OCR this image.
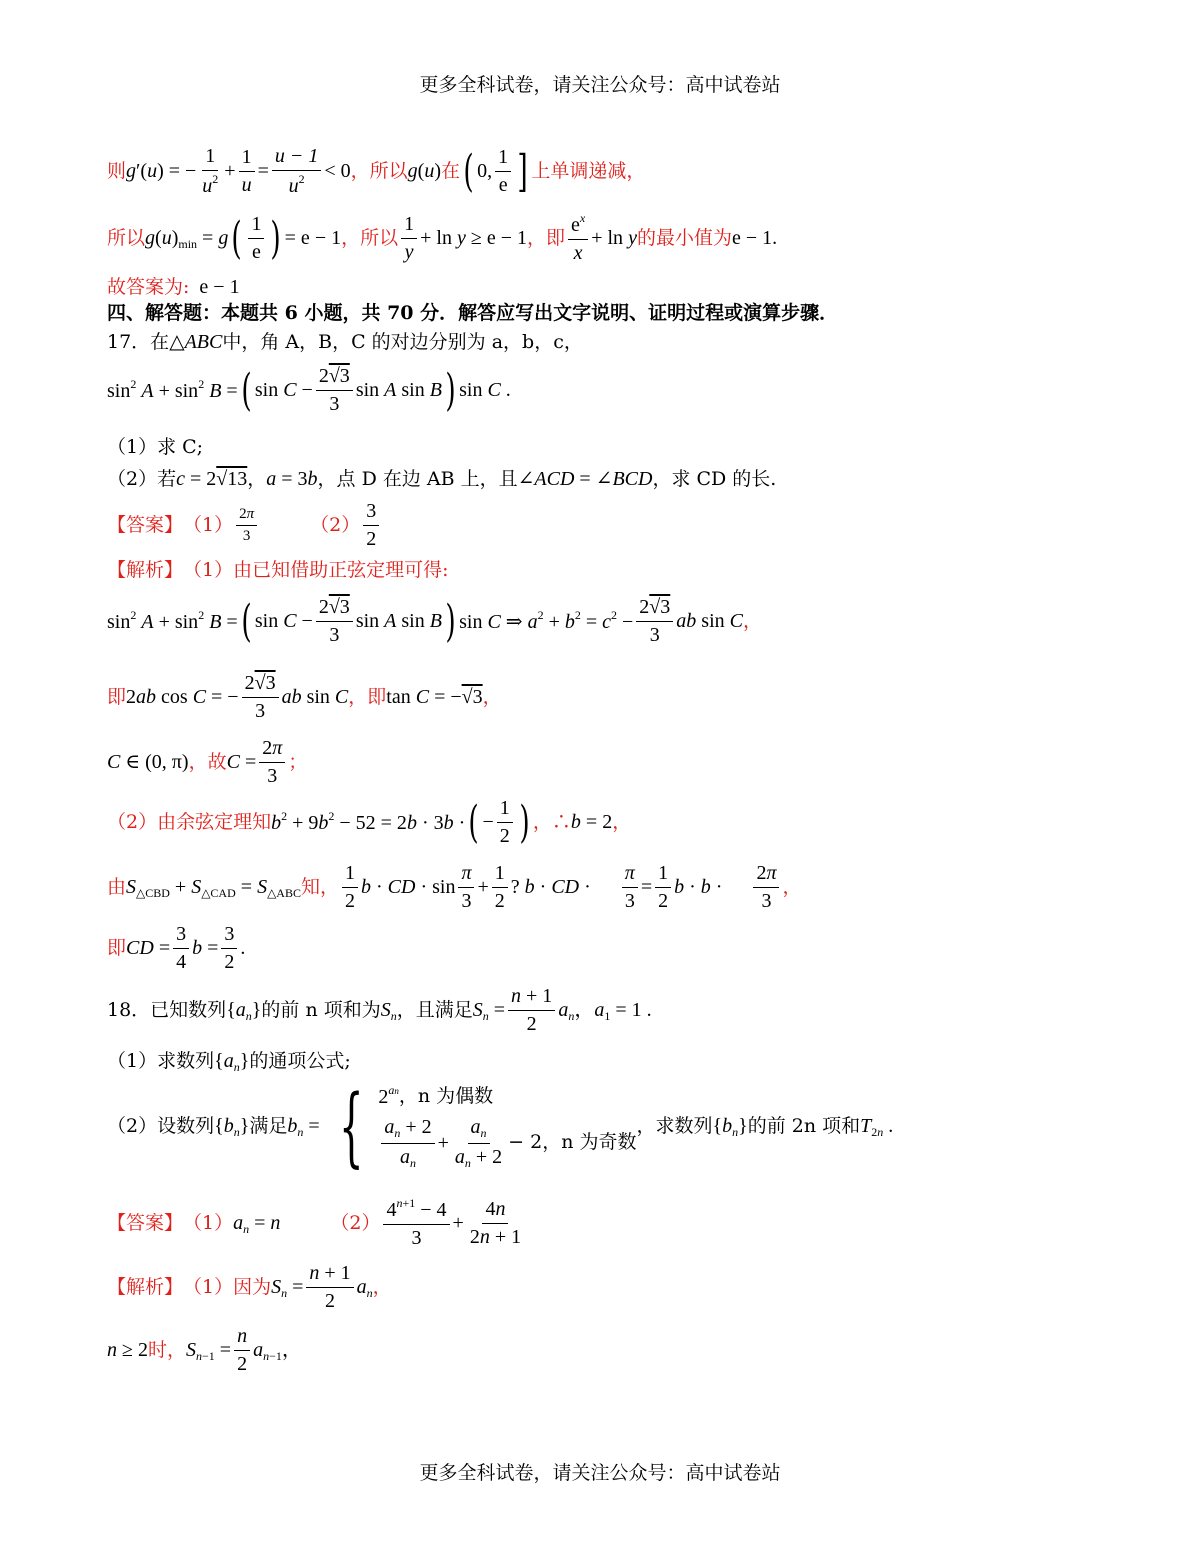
更多全科试卷，请关注公众号：高中试卷站
则 g′(u) = − $\frac{1}{u^2} + \frac{1}{u} = \frac{u - 1}{u^2} < 0$ ，所以 g(u) 在 ( 0,
1
e ] 上单调递减，
所以 $g(u)_{min} = g$ ( 1
e ) = e − 1 ，所以
1
y
+ ln y ≥ e − 1 ，即
$e^x$
x
+ ln y 的最小值为 e − 1.
故答案为: e − 1
四、解答题：本题共 6 小题，共 70 分．解答应写出文字说明、证明过程或演算步骤．
17．在 △ABC 中，角 A，B，C 的对边分别为 a，b，c，
$\sin^2 A + \sin^2 B$ = ( $\sin C - \frac{2√3}{3}$ sin A sin B ) sin C .
（1）求 C;
（2）若 c = 2√13 ， a = 3b ，点 D 在边 AB 上，且 ∠ACD = ∠BCD ，求 CD 的长.
【答案】 （1） 2π
3
（2）
3
2
【解析】 （1）由已知借助正弦定理可得:
$\sin^2 A + \sin^2 B$ = ( $\sin C - \frac{2√3}{3}$ sin A sin B ) sin C ⇒ $a^2 + b^2 = c^2 - \frac{2√3}{3}$ ab sin C ，
即 2ab cos C = − $\frac{2√3}{3}$ ab sin C ，即 tan C = −√3 ，
C ∈ (0, π) ，故 $C = \frac{2\pi}{3}$ ；
（2）由余弦定理知 $b^2 + 9b^2 - 52 = 2b \cdot 3b$ · ( − $\frac{1}{2}$ ) ，∴ b = 2 ，
由 $S_{\triangle CBD} + S_{\triangle CAD} = S_{\triangle ABC}$ 知，
1
2
b · CD · sin
π
3
+ $\frac{1}{2}$ ? b · CD · $\frac{\pi}{3} = \frac{1}{2}$ b · b ·
2π
3
，
即 CD = $\frac{3}{4}$ $b = \frac{3}{2}$ .
18．已知数列 $\{a_n\}$ 的前 n 项和为 $S_n$ ，且满足 $S_n = \frac{n + 1}{2} a_n$，$a_1 = 1$ .
（1）求数列 $\{a_n\}$ 的通项公式;
（2）设数列 $\{b_n\}$ 满足 $b_n$ = { $2^{an}$ ，n 为偶数
$a_n + 2$
$a_n$
+ $\frac{a_n}{a_n + 2} - 2$，n 为奇数
，求数列 $\{b_n\}$ 的前 2n 项和 $T_{2n}$ .
【答案】 （1） $a_n = n$	（2）
$4^{n+1} - 4$
3
+ $\frac{4n}{2n + 1}$
【解析】 （1）因为 $S_n = \frac{n + 1}{2} a_n$ ，
n ≥ 2 时， $S_{n-1} = \frac{n}{2} a_{n-1}$，
更多全科试卷，请关注公众号：高中试卷站
